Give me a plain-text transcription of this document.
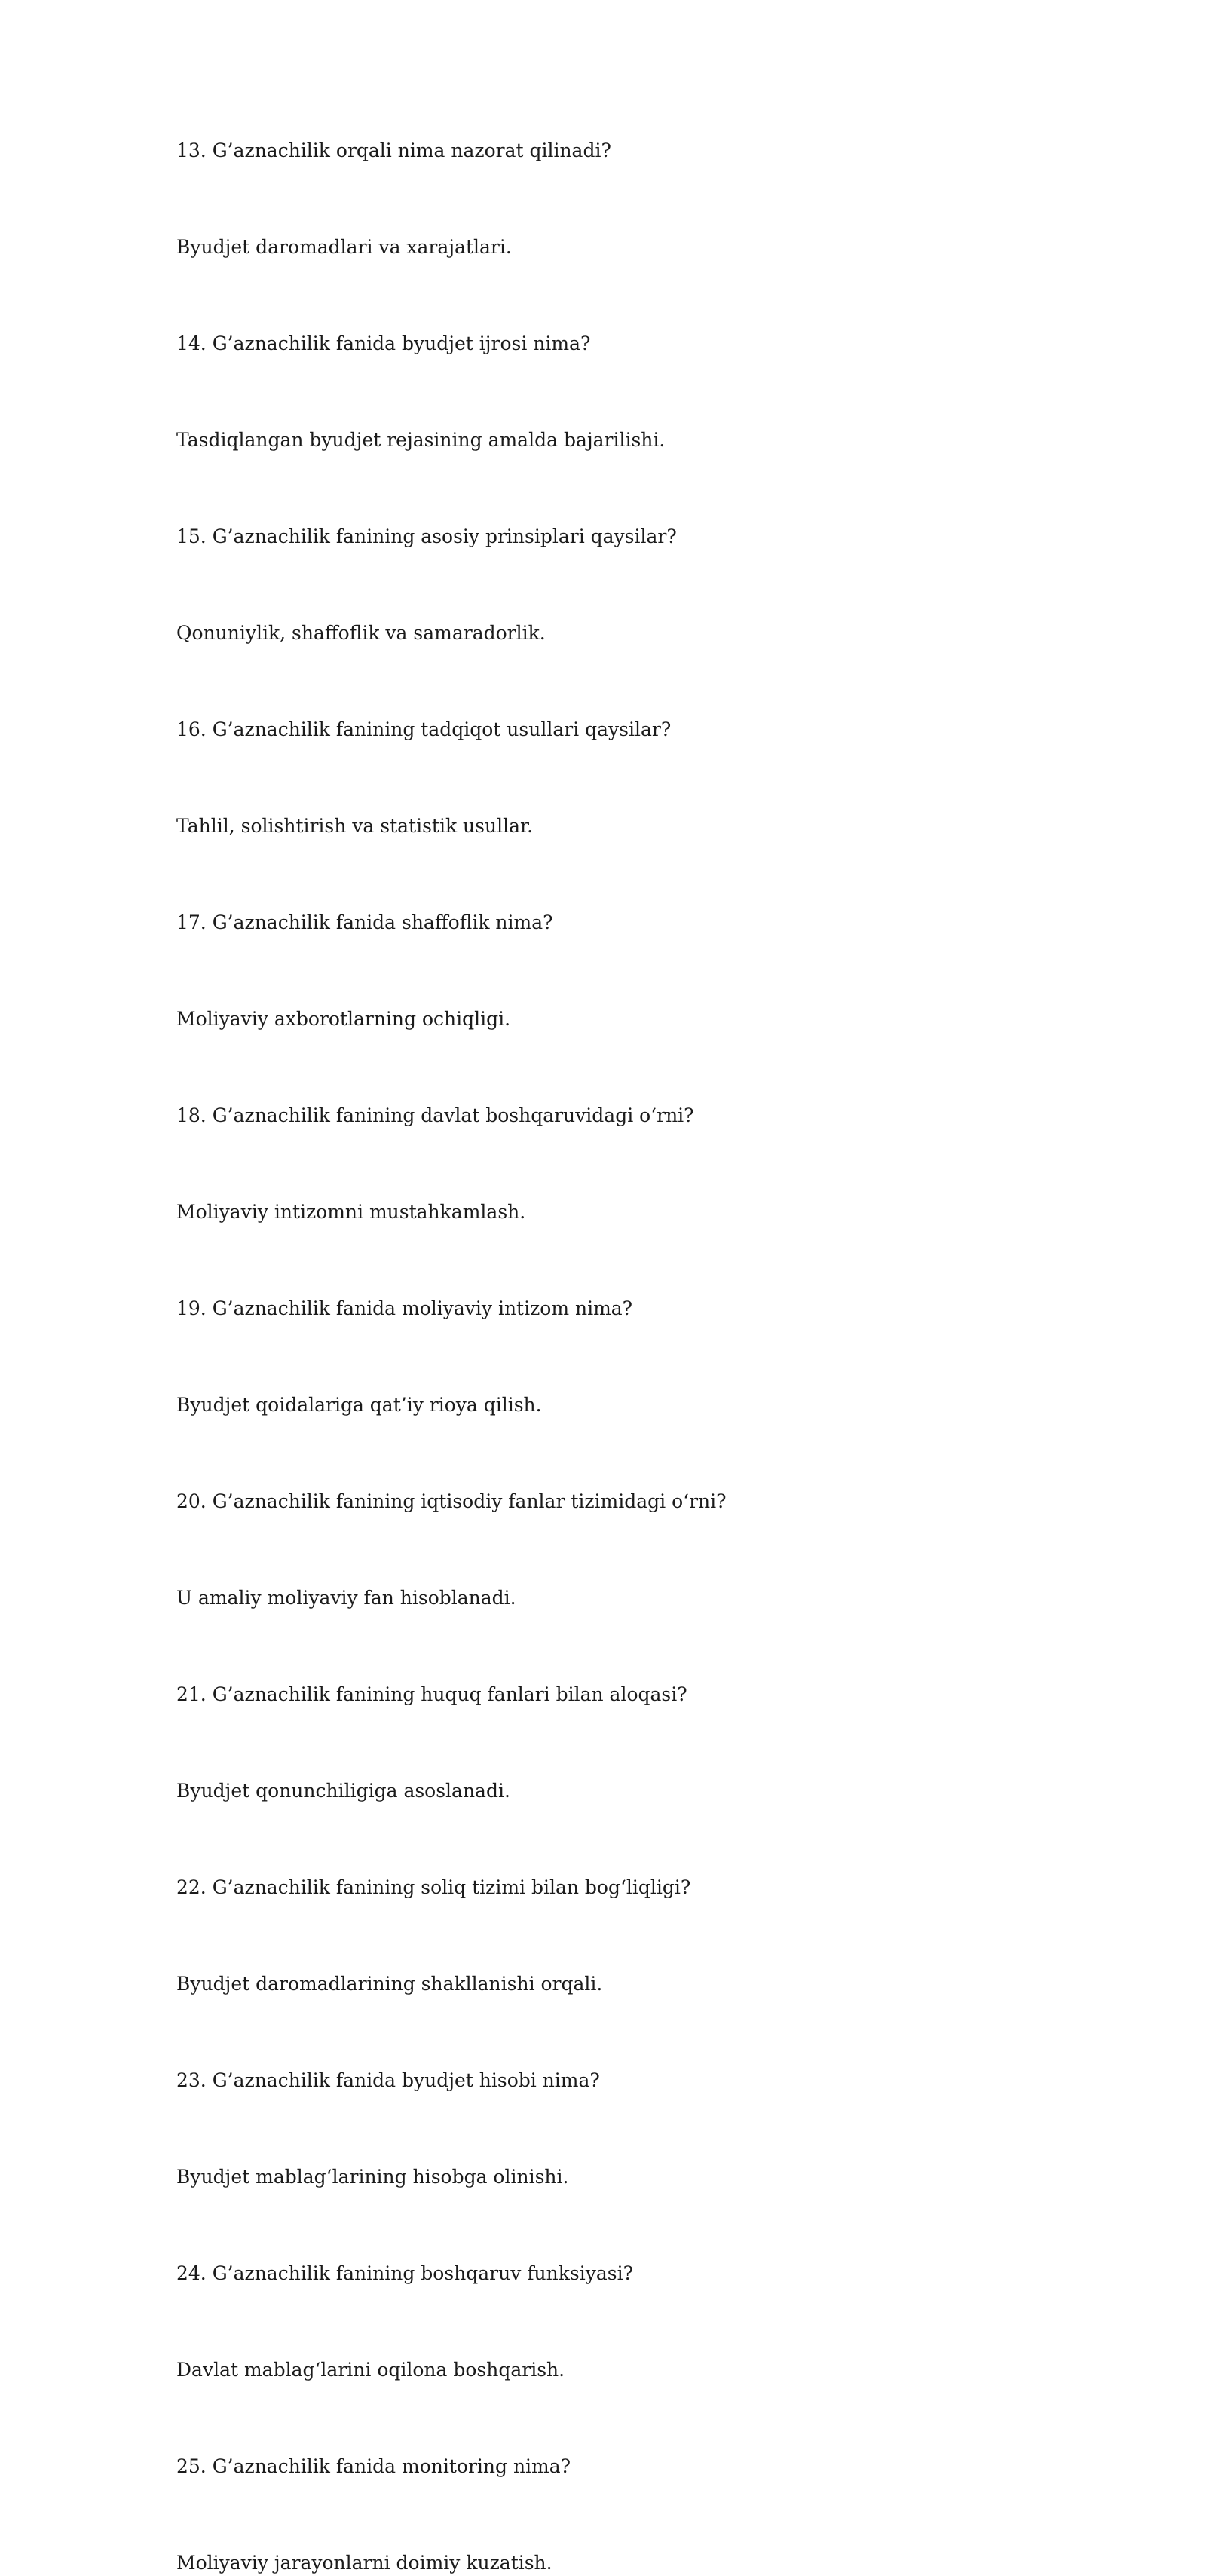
13. G’aznachilik orqali nima nazorat qilinadi?
Byudjet daromadlari va xarajatlari.
14. G’aznachilik fanida byudjet ijrosi nima?
Tasdiqlangan byudjet rejasining amalda bajarilishi.
15. G’aznachilik fanining asosiy prinsiplari qaysilar?
Qonuniylik, shaffoflik va samaradorlik.
16. G’aznachilik fanining tadqiqot usullari qaysilar?
Tahlil, solishtirish va statistik usullar.
17. G’aznachilik fanida shaffoflik nima?
Moliyaviy axborotlarning ochiqligi.
18. G’aznachilik fanining davlat boshqaruvidagi o‘rni?
Moliyaviy intizomni mustahkamlash.
19. G’aznachilik fanida moliyaviy intizom nima?
Byudjet qoidalariga qat’iy rioya qilish.
20. G’aznachilik fanining iqtisodiy fanlar tizimidagi o‘rni?
U amaliy moliyaviy fan hisoblanadi.
21. G’aznachilik fanining huquq fanlari bilan aloqasi?
Byudjet qonunchiligiga asoslanadi.
22. G’aznachilik fanining soliq tizimi bilan bog‘liqligi?
Byudjet daromadlarining shakllanishi orqali.
23. G’aznachilik fanida byudjet hisobi nima?
Byudjet mablag‘larining hisobga olinishi.
24. G’aznachilik fanining boshqaruv funksiyasi?
Davlat mablag‘larini oqilona boshqarish.
25. G’aznachilik fanida monitoring nima?
Moliyaviy jarayonlarni doimiy kuzatish.
